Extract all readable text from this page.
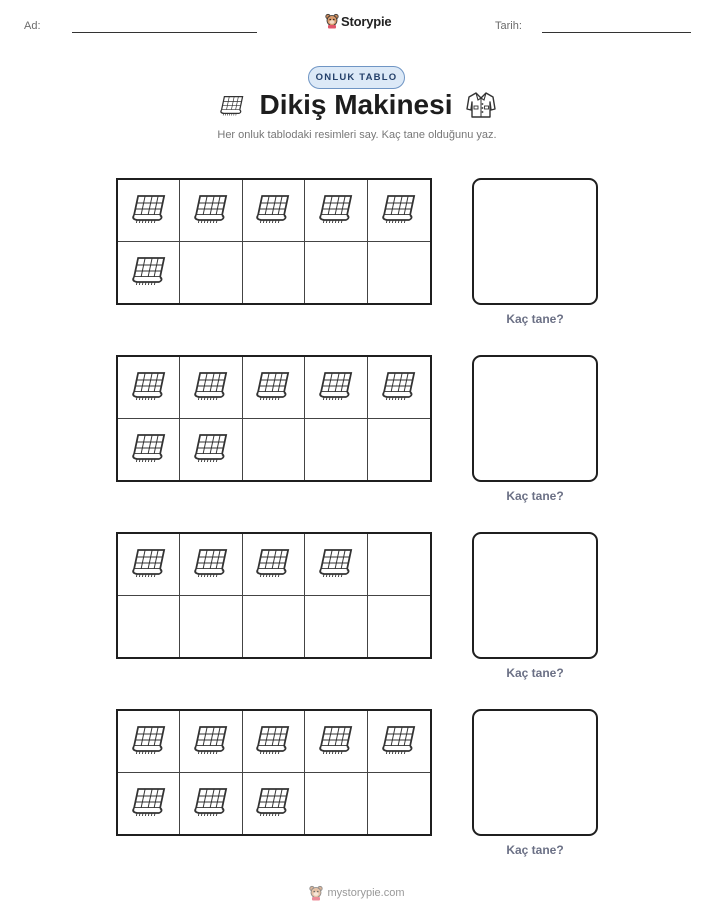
Ad:	Storypie	Tarih:
ONLUK TABLO
Dikiş Makinesi
Her onluk tablodaki resimleri say. Kaç tane olduğunu yaz.
Kaç tane?
Kaç tane?
Kaç tane?
Kaç tane?
mystorypie.com
